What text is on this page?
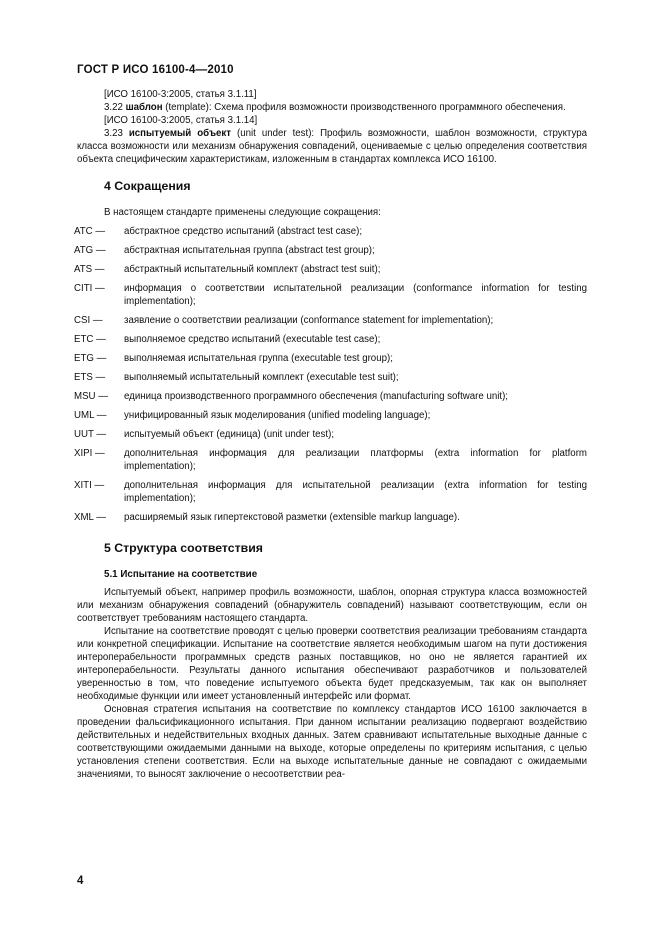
ГОСТ Р ИСО 16100-4—2010

[ИСО 16100-3:2005, статья 3.1.11]

3.22 шаблон (template): Схема профиля возможности производственного программного обеспечения.

[ИСО 16100-3:2005, статья 3.1.14]

3.23 испытуемый объект (unit under test): Профиль возможности, шаблон возможности, структура класса возможности или механизм обнаружения совпадений, оцениваемые с целью определения соответствия объекта специфическим характеристикам, изложенным в стандартах комплекса ИСО 16100.

4 Сокращения

В настоящем стандарте применены следующие сокращения:

ATC —	абстрактное средство испытаний (abstract test case);
ATG —	абстрактная испытательная группа (abstract test group);
ATS —	абстрактный испытательный комплект (abstract test suit);
CITI —	информация о соответствии испытательной реализации (conformance information for testing implementation);
CSI —	заявление о соответствии реализации (conformance statement for implementation);
ETC —	выполняемое средство испытаний (executable test case);
ETG —	выполняемая испытательная группа (executable test group);
ETS —	выполняемый испытательный комплект (executable test suit);
MSU —	единица производственного программного обеспечения (manufacturing software unit);
UML —	унифицированный язык моделирования (unified modeling language);
UUT —	испытуемый объект (единица) (unit under test);
XIPI —	дополнительная информация для реализации платформы (extra information for platform implementation);
XITI —	дополнительная информация для испытательной реализации (extra information for testing implementation);
XML —	расширяемый язык гипертекстовой разметки (extensible markup language).
5 Структура соответствия
5.1 Испытание на соответствие

Испытуемый объект, например профиль возможности, шаблон, опорная структура класса возможностей или механизм обнаружения совпадений (обнаружитель совпадений) называют соответствующим, если он соответствует требованиям настоящего стандарта.

Испытание на соответствие проводят с целью проверки соответствия реализации требованиям стандарта или конкретной спецификации. Испытание на соответствие является необходимым шагом на пути достижения интероперабельности программных средств разных поставщиков, но оно не является гарантией их интероперабельности. Результаты данного испытания обеспечивают разработчиков и пользователей уверенностью в том, что поведение испытуемого объекта будет предсказуемым, так как он выполняет необходимые функции или имеет установленный интерфейс или формат.

Основная стратегия испытания на соответствие по комплексу стандартов ИСО 16100 заключается в проведении фальсификационного испытания. При данном испытании реализацию подвергают воздействию действительных и недействительных входных данных. Затем сравнивают испытательные выходные данные с соответствующими ожидаемыми данными на выходе, которые определены по критериям испытания, с целью установления степени соответствия. Если на выходе испытательные данные не совпадают с ожидаемыми значениями, то выносят заключение о несоответствии реа-

4
